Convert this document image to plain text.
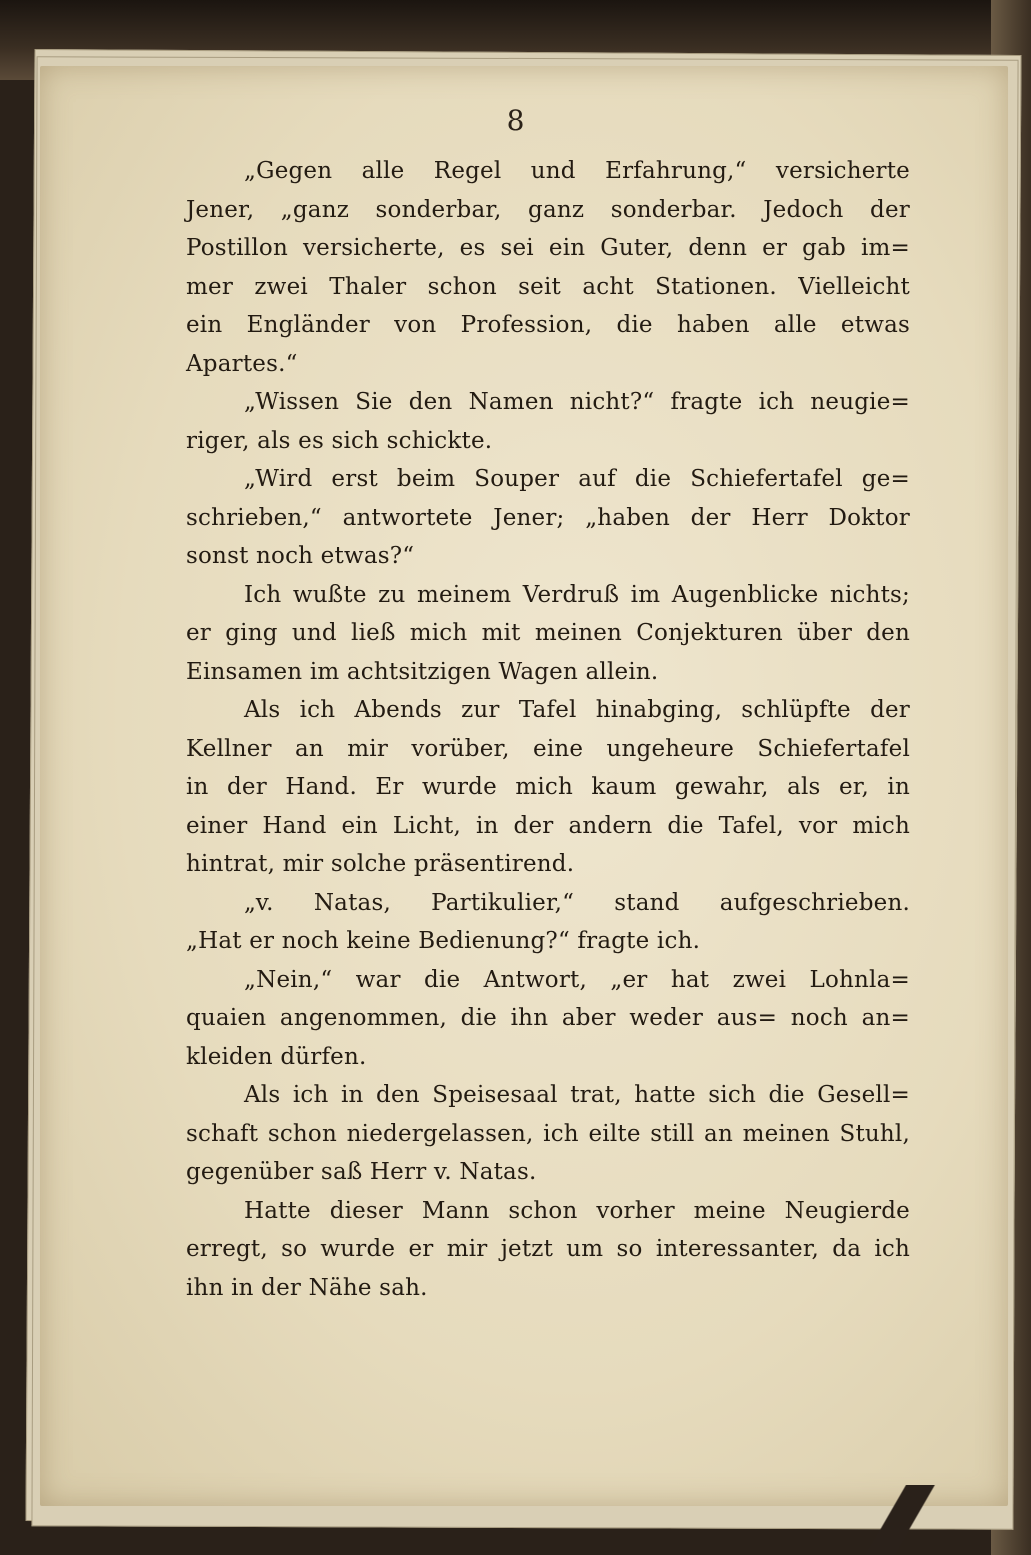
8
„Gegen alle Regel und Erfahrung,“ versicherte
Jener, „ganz sonderbar, ganz sonderbar. Jedoch der
Postillon versicherte, es sei ein Guter, denn er gab im=
mer zwei Thaler schon seit acht Stationen. Vielleicht
ein Engländer von Profession, die haben alle etwas
Apartes.“
„Wissen Sie den Namen nicht?“ fragte ich neugie=
riger, als es sich schickte.
„Wird erst beim Souper auf die Schiefertafel ge=
schrieben,“ antwortete Jener; „haben der Herr Doktor
sonst noch etwas?“
Ich wußte zu meinem Verdruß im Augenblicke nichts;
er ging und ließ mich mit meinen Conjekturen über den
Einsamen im achtsitzigen Wagen allein.
Als ich Abends zur Tafel hinabging, schlüpfte der
Kellner an mir vorüber, eine ungeheure Schiefertafel
in der Hand. Er wurde mich kaum gewahr, als er, in
einer Hand ein Licht, in der andern die Tafel, vor mich
hintrat, mir solche präsentirend.
„v. Natas, Partikulier,“ stand aufgeschrieben.
„Hat er noch keine Bedienung?“ fragte ich.
„Nein,“ war die Antwort, „er hat zwei Lohnla=
quaien angenommen, die ihn aber weder aus= noch an=
kleiden dürfen.
Als ich in den Speisesaal trat, hatte sich die Gesell=
schaft schon niedergelassen, ich eilte still an meinen Stuhl,
gegenüber saß Herr v. Natas.
Hatte dieser Mann schon vorher meine Neugierde
erregt, so wurde er mir jetzt um so interessanter, da ich
ihn in der Nähe sah.
